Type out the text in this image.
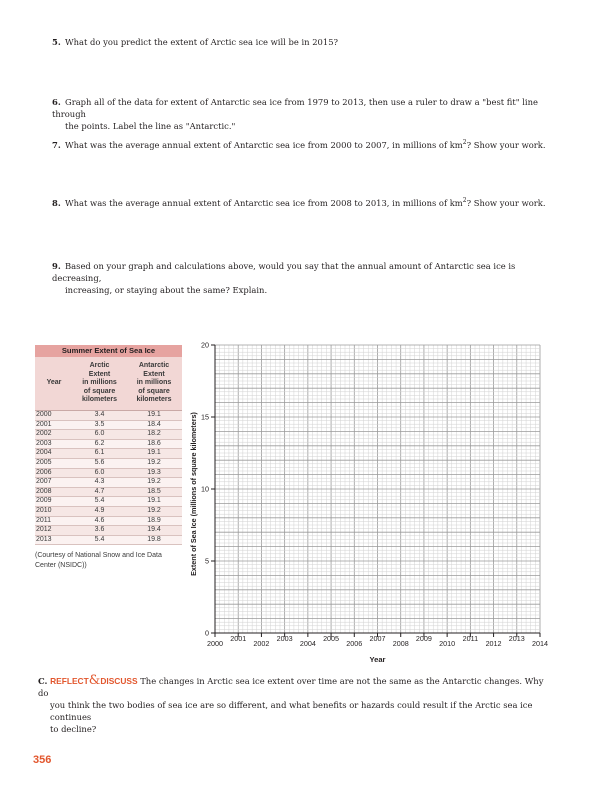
5. What do you predict the extent of Arctic sea ice will be in 2015?
6. Graph all of the data for extent of Antarctic sea ice from 1979 to 2013, then use a ruler to draw a "best fit" line through
the points. Label the line as "Antarctic."
7. What was the average annual extent of Antarctic sea ice from 2000 to 2007, in millions of $km^2$? Show your work.
8. What was the average annual extent of Antarctic sea ice from 2008 to 2013, in millions of $km^2$? Show your work.
9. Based on your graph and calculations above, would you say that the annual amount of Antarctic sea ice is decreasing,
increasing, or staying about the same? Explain.
Summer Extent of Sea Ice
Year
Arctic
Extent
in millions
of square
kilometers
Antarctic
Extent
in millions
of square
kilometers
2000	3.4	19.1
2001	3.5	18.4
2002	6.0	18.2
2003	6.2	18.6
2004	6.1	19.1
2005	5.6	19.2
2006	6.0	19.3
2007	4.3	19.2
2008	4.7	18.5
2009	5.4	19.1
2010	4.9	19.2
2011	4.6	18.9
2012	3.6	19.4
2013	5.4	19.8
(Courtesy of National Snow and Ice Data Center (NSIDC))
0
5
10
15
20
2000	2002	2004	2006	2008	2010	2012	2014
2001	2003	2005	2007	2009	2011	2013
Year
Extent of Sea Ice (millions of square kilometers)
C. REFLECT&DISCUSS The changes in Arctic sea ice extent over time are not the same as the Antarctic changes. Why do
you think the two bodies of sea ice are so different, and what benefits or hazards could result if the Arctic sea ice continues
to decline?
356
